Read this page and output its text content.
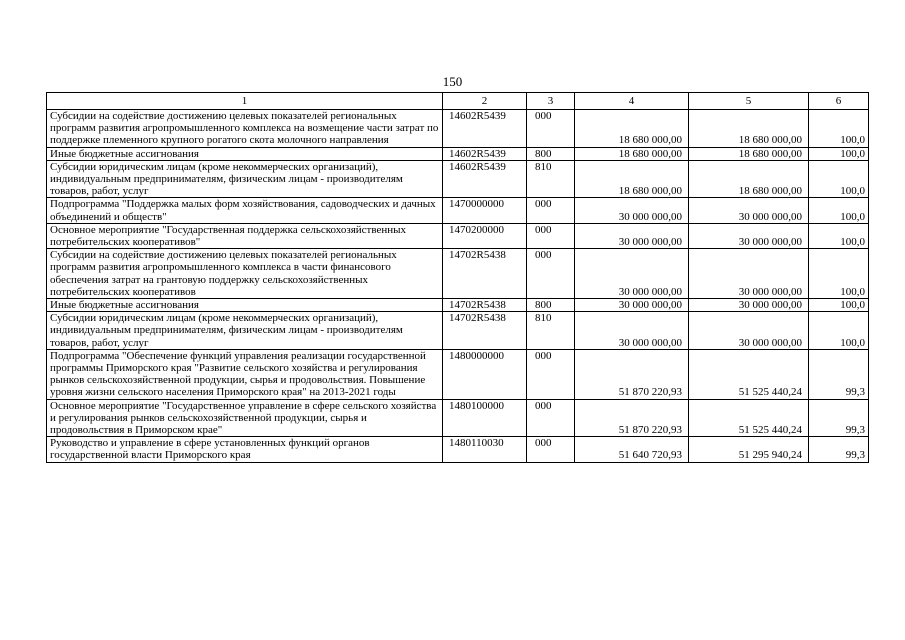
150
1	2	3	4	5	6
Субсидии на содействие достижению целевых показателей региональных программ развития агропромышленного комплекса на возмещение части затрат по поддержке племенного крупного рогатого скота молочного направления	14602R5439	000	18 680 000,00	18 680 000,00	100,0
Иные бюджетные ассигнования	14602R5439	800	18 680 000,00	18 680 000,00	100,0
Субсидии юридическим лицам (кроме некоммерческих организаций), индивидуальным предпринимателям, физическим лицам - производителям товаров, работ, услуг	14602R5439	810	18 680 000,00	18 680 000,00	100,0
Подпрограмма "Поддержка малых форм хозяйствования, садоводческих и дачных объединений и обществ"	1470000000	000	30 000 000,00	30 000 000,00	100,0
Основное мероприятие "Государственная поддержка сельскохозяйственных потребительских кооперативов"	1470200000	000	30 000 000,00	30 000 000,00	100,0
Субсидии на содействие достижению целевых показателей региональных программ развития агропромышленного комплекса в части финансового обеспечения затрат на грантовую поддержку сельскохозяйственных потребительских кооперативов	14702R5438	000	30 000 000,00	30 000 000,00	100,0
Иные бюджетные ассигнования	14702R5438	800	30 000 000,00	30 000 000,00	100,0
Субсидии юридическим лицам (кроме некоммерческих организаций), индивидуальным предпринимателям, физическим лицам - производителям товаров, работ, услуг	14702R5438	810	30 000 000,00	30 000 000,00	100,0
Подпрограмма "Обеспечение функций управления реализации государственной программы Приморского края "Развитие сельского хозяйства и регулирования рынков сельскохозяйственной продукции, сырья и продовольствия. Повышение уровня жизни сельского населения Приморского края" на 2013-2021 годы	1480000000	000	51 870 220,93	51 525 440,24	99,3
Основное мероприятие "Государственное управление в сфере сельского хозяйства и регулирования рынков сельскохозяйственной продукции, сырья и продовольствия в Приморском крае"	1480100000	000	51 870 220,93	51 525 440,24	99,3
Руководство и управление в сфере установленных функций органов государственной власти Приморского края	1480110030	000	51 640 720,93	51 295 940,24	99,3
